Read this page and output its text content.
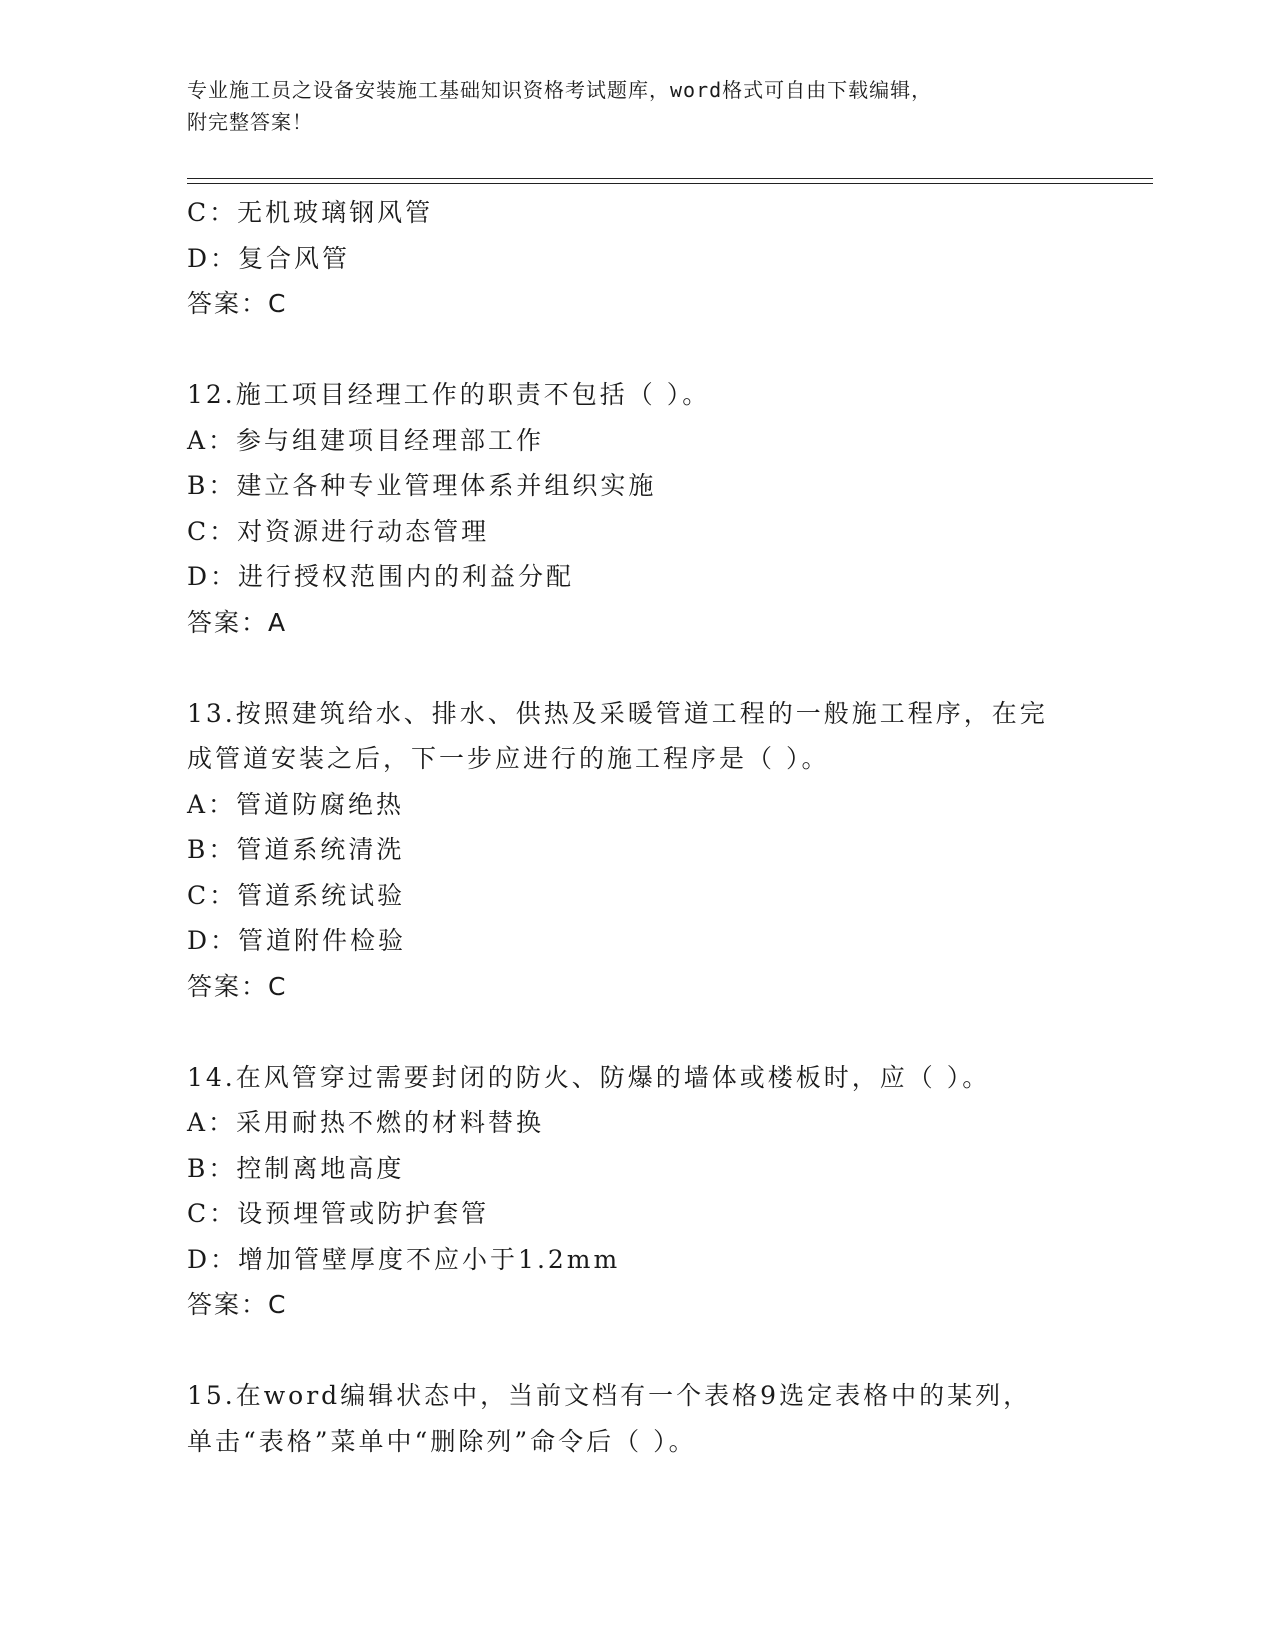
专业施工员之设备安装施工基础知识资格考试题库，word格式可自由下载编辑，
附完整答案！
C：无机玻璃钢风管
D：复合风管
答案：C
12.施工项目经理工作的职责不包括（ ）。
A：参与组建项目经理部工作
B：建立各种专业管理体系并组织实施
C：对资源进行动态管理
D：进行授权范围内的利益分配
答案：A
13.按照建筑给水、排水、供热及采暖管道工程的一般施工程序，在完
成管道安装之后，下一步应进行的施工程序是（ ）。
A：管道防腐绝热
B：管道系统清洗
C：管道系统试验
D：管道附件检验
答案：C
14.在风管穿过需要封闭的防火、防爆的墙体或楼板时，应（ ）。
A：采用耐热不燃的材料替换
B：控制离地高度
C：设预埋管或防护套管
D：增加管壁厚度不应小于1.2mm
答案：C
15.在word编辑状态中，当前文档有一个表格9选定表格中的某列，
单击“表格”菜单中“删除列”命令后（ ）。
